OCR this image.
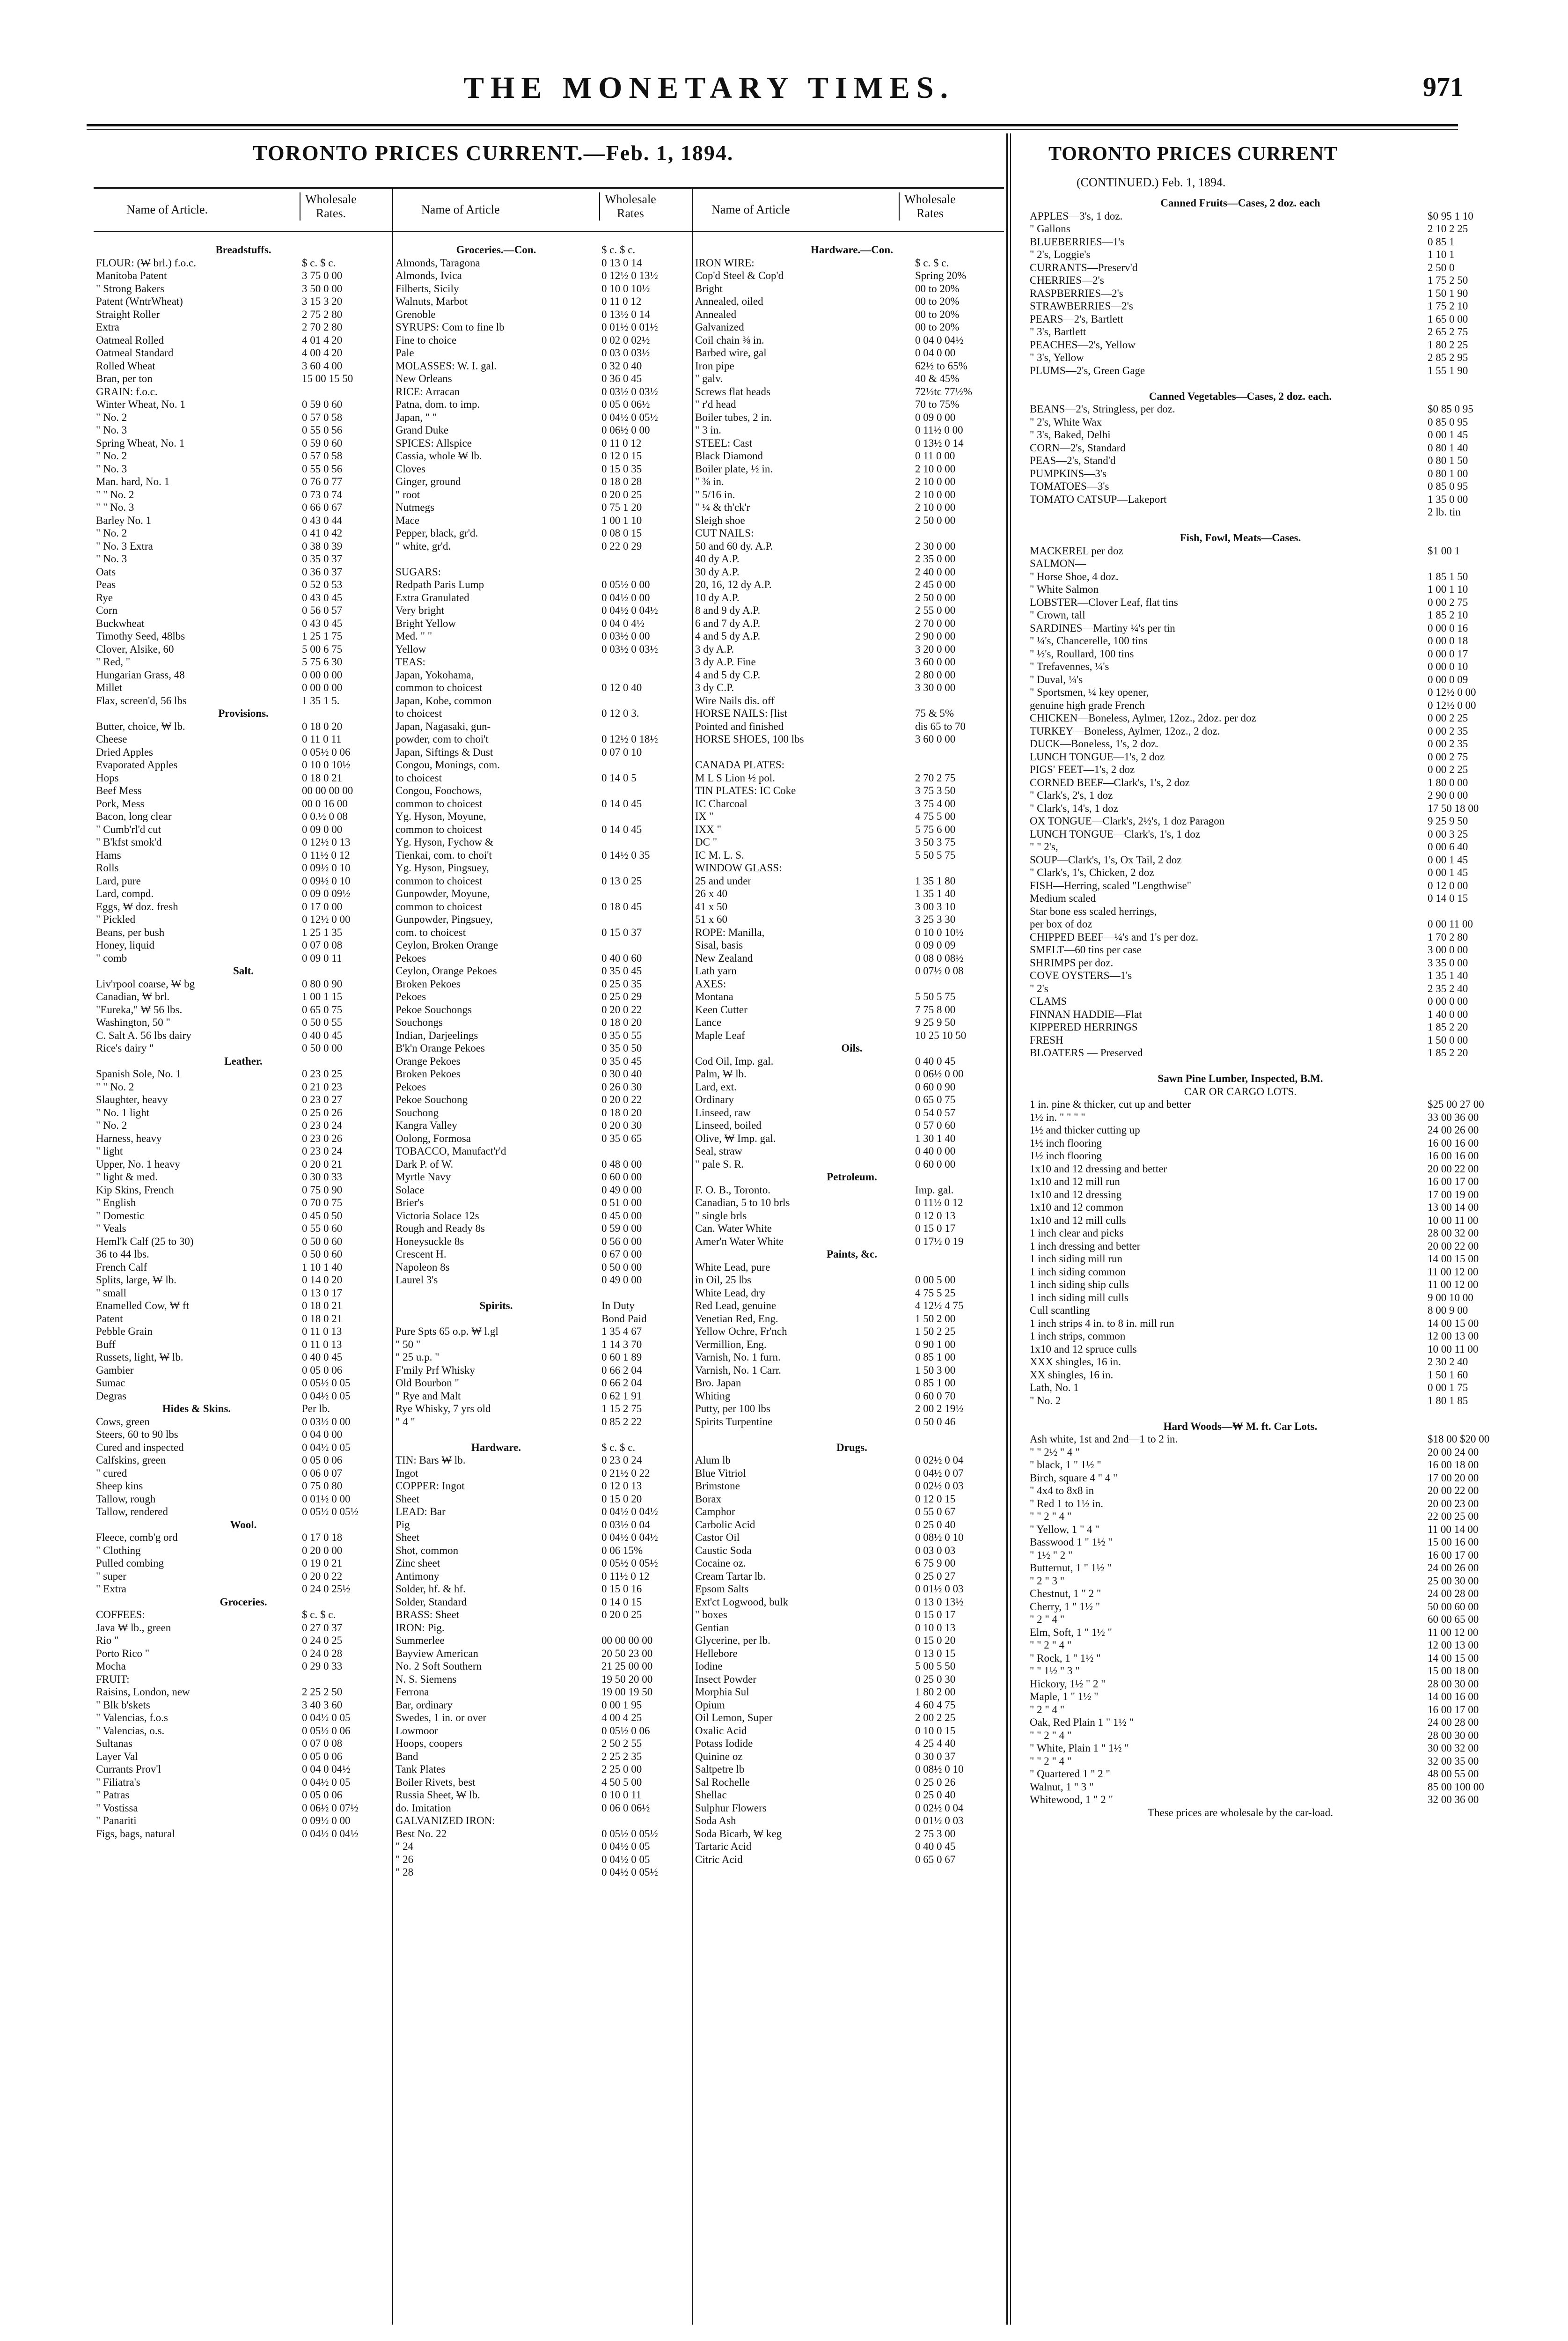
THE MONETARY TIMES.	971
TORONTO PRICES CURRENT.—Feb. 1, 1894.	TORONTO PRICES CURRENT
Name of Article.
Wholesale Rates.	Name of Article
Wholesale Rates	Name of Article
Wholesale Rates
(CONTINUED.) Feb. 1, 1894.
Breadstuffs.
FLOUR: (₩ brl.) f.o.c.	$ c. $ c.
Manitoba Patent	3 75 0 00
" Strong Bakers	3 50 0 00
Patent (WntrWheat)	3 15 3 20
Straight Roller	2 75 2 80
Extra	2 70 2 80
Oatmeal Rolled	4 01 4 20
Oatmeal Standard	4 00 4 20
Rolled Wheat	3 60 4 00
Bran, per ton	15 00 15 50
GRAIN: f.o.c.
Winter Wheat, No. 1	0 59 0 60
" No. 2	0 57 0 58
" No. 3	0 55 0 56
Spring Wheat, No. 1	0 59 0 60
" No. 2	0 57 0 58
" No. 3	0 55 0 56
Man. hard, No. 1	0 76 0 77
" " No. 2	0 73 0 74
" " No. 3	0 66 0 67
Barley No. 1	0 43 0 44
" No. 2	0 41 0 42
" No. 3 Extra	0 38 0 39
" No. 3	0 35 0 37
Oats	0 36 0 37
Peas	0 52 0 53
Rye	0 43 0 45
Corn	0 56 0 57
Buckwheat	0 43 0 45
Timothy Seed, 48lbs	1 25 1 75
Clover, Alsike, 60	5 00 6 75
" Red, "	5 75 6 30
Hungarian Grass, 48	0 00 0 00
Millet	0 00 0 00
Flax, screen'd, 56 lbs	1 35 1 5.
Provisions.
Butter, choice, ₩ lb.	0 18 0 20
Cheese	0 11 0 11
Dried Apples	0 05½ 0 06
Evaporated Apples	0 10 0 10½
Hops	0 18 0 21
Beef Mess	00 00 00 00
Pork, Mess	00 0 16 00
Bacon, long clear	0 0.½ 0 08
" Cumb'rl'd cut	0 09 0 00
" B'kfst smok'd	0 12½ 0 13
Hams	0 11½ 0 12
Rolls	0 09½ 0 10
Lard, pure	0 09½ 0 10
Lard, compd.	0 09 0 09½
Eggs, ₩ doz. fresh	0 17 0 00
" Pickled	0 12½ 0 00
Beans, per bush	1 25 1 35
Honey, liquid	0 07 0 08
" comb	0 09 0 11
Salt.
Liv'rpool coarse, ₩ bg	0 80 0 90
Canadian, ₩ brl.	1 00 1 15
"Eureka," ₩ 56 lbs.	0 65 0 75
Washington, 50 "	0 50 0 55
C. Salt A. 56 lbs dairy	0 40 0 45
Rice's dairy "	0 50 0 00
Leather.
Spanish Sole, No. 1	0 23 0 25
" " No. 2	0 21 0 23
Slaughter, heavy	0 23 0 27
" No. 1 light	0 25 0 26
" No. 2	0 23 0 24
Harness, heavy	0 23 0 26
" light	0 23 0 24
Upper, No. 1 heavy	0 20 0 21
" light & med.	0 30 0 33
Kip Skins, French	0 75 0 90
" English	0 70 0 75
" Domestic	0 45 0 50
" Veals	0 55 0 60
Heml'k Calf (25 to 30)	0 50 0 60
36 to 44 lbs.	0 50 0 60
French Calf	1 10 1 40
Splits, large, ₩ lb.	0 14 0 20
" small	0 13 0 17
Enamelled Cow, ₩ ft	0 18 0 21
Patent	0 18 0 21
Pebble Grain	0 11 0 13
Buff	0 11 0 13
Russets, light, ₩ lb.	0 40 0 45
Gambier	0 05 0 06
Sumac	0 05½ 0 05
Degras	0 04½ 0 05
Hides & Skins.	Per lb.
Cows, green	0 03½ 0 00
Steers, 60 to 90 lbs	0 04 0 00
Cured and inspected	0 04½ 0 05
Calfskins, green	0 05 0 06
" cured	0 06 0 07
Sheep kins	0 75 0 80
Tallow, rough	0 01½ 0 00
Tallow, rendered	0 05½ 0 05½
Wool.
Fleece, comb'g ord	0 17 0 18
" Clothing	0 20 0 00
Pulled combing	0 19 0 21
" super	0 20 0 22
" Extra	0 24 0 25½
Groceries.
COFFEES:	$ c. $ c.
Java ₩ lb., green	0 27 0 37
Rio "	0 24 0 25
Porto Rico "	0 24 0 28
Mocha	0 29 0 33
FRUIT:
Raisins, London, new	2 25 2 50
" Blk b'skets	3 40 3 60
" Valencias, f.o.s	0 04½ 0 05
" Valencias, o.s.	0 05½ 0 06
Sultanas	0 07 0 08
Layer Val	0 05 0 06
Currants Prov'l	0 04 0 04½
" Filiatra's	0 04½ 0 05
" Patras	0 05 0 06
" Vostissa	0 06½ 0 07½
" Panariti	0 09½ 0 00
Figs, bags, natural	0 04½ 0 04½
Groceries.—Con.	$ c. $ c.
Almonds, Taragona	0 13 0 14
Almonds, Ivica	0 12½ 0 13½
Filberts, Sicily	0 10 0 10½
Walnuts, Marbot	0 11 0 12
Grenoble	0 13½ 0 14
SYRUPS: Com to fine lb	0 01½ 0 01½
Fine to choice	0 02 0 02½
Pale	0 03 0 03½
MOLASSES: W. I. gal.	0 32 0 40
New Orleans	0 36 0 45
RICE: Arracan	0 03½ 0 03½
Patna, dom. to imp.	0 05 0 06½
Japan, " "	0 04½ 0 05½
Grand Duke	0 06½ 0 00
SPICES: Allspice	0 11 0 12
Cassia, whole ₩ lb.	0 12 0 15
Cloves	0 15 0 35
Ginger, ground	0 18 0 28
" root	0 20 0 25
Nutmegs	0 75 1 20
Mace	1 00 1 10
Pepper, black, gr'd.	0 08 0 15
" white, gr'd.	0 22 0 29
SUGARS:
Redpath Paris Lump	0 05½ 0 00
Extra Granulated	0 04½ 0 00
Very bright	0 04½ 0 04½
Bright Yellow	0 04 0 4½
Med. " "	0 03½ 0 00
Yellow	0 03½ 0 03½
TEAS:
Japan, Yokohama,
common to choicest	0 12 0 40
Japan, Kobe, common
to choicest	0 12 0 3.
Japan, Nagasaki, gun-
powder, com to choi't	0 12½ 0 18½
Japan, Siftings & Dust	0 07 0 10
Congou, Monings, com.
to choicest	0 14 0 5
Congou, Foochows,
common to choicest	0 14 0 45
Yg. Hyson, Moyune,
common to choicest	0 14 0 45
Yg. Hyson, Fychow &
Tienkai, com. to choi't	0 14½ 0 35
Yg. Hyson, Pingsuey,
common to choicest	0 13 0 25
Gunpowder, Moyune,
common to choicest	0 18 0 45
Gunpowder, Pingsuey,
com. to choicest	0 15 0 37
Ceylon, Broken Orange
Pekoes	0 40 0 60
Ceylon, Orange Pekoes	0 35 0 45
Broken Pekoes	0 25 0 35
Pekoes	0 25 0 29
Pekoe Souchongs	0 20 0 22
Souchongs	0 18 0 20
Indian, Darjeelings	0 35 0 55
B'k'n Orange Pekoes	0 35 0 50
Orange Pekoes	0 35 0 45
Broken Pekoes	0 30 0 40
Pekoes	0 26 0 30
Pekoe Souchong	0 20 0 22
Souchong	0 18 0 20
Kangra Valley	0 20 0 30
Oolong, Formosa	0 35 0 65
TOBACCO, Manufact'r'd
Dark P. of W.	0 48 0 00
Myrtle Navy	0 60 0 00
Solace	0 49 0 00
Brier's	0 51 0 00
Victoria Solace 12s	0 45 0 00
Rough and Ready 8s	0 59 0 00
Honeysuckle 8s	0 56 0 00
Crescent H.	0 67 0 00
Napoleon 8s	0 50 0 00
Laurel 3's	0 49 0 00
Spirits.	In Duty
Bond Paid
Pure Spts 65 o.p. ₩ l.gl	1 35 4 67
" 50 "	1 14 3 70
" 25 u.p. "	0 60 1 89
F'mily Prf Whisky	0 66 2 04
Old Bourbon "	0 66 2 04
" Rye and Malt	0 62 1 91
Rye Whisky, 7 yrs old	1 15 2 75
" 4 "	0 85 2 22
Hardware.	$ c. $ c.
TIN: Bars ₩ lb.	0 23 0 24
Ingot	0 21½ 0 22
COPPER: Ingot	0 12 0 13
Sheet	0 15 0 20
LEAD: Bar	0 04½ 0 04½
Pig	0 03½ 0 04
Sheet	0 04½ 0 04½
Shot, common	0 06 15%
Zinc sheet	0 05½ 0 05½
Antimony	0 11½ 0 12
Solder, hf. & hf.	0 15 0 16
Solder, Standard	0 14 0 15
BRASS: Sheet	0 20 0 25
IRON: Pig.
Summerlee	00 00 00 00
Bayview American	20 50 23 00
No. 2 Soft Southern	21 25 00 00
N. S. Siemens	19 50 20 00
Ferrona	19 00 19 50
Bar, ordinary	0 00 1 95
Swedes, 1 in. or over	4 00 4 25
Lowmoor	0 05½ 0 06
Hoops, coopers	2 50 2 55
Band	2 25 2 35
Tank Plates	2 25 0 00
Boiler Rivets, best	4 50 5 00
Russia Sheet, ₩ lb.	0 10 0 11
do. Imitation	0 06 0 06½
GALVANIZED IRON:
Best No. 22	0 05½ 0 05½
" 24	0 04½ 0 05
" 26	0 04½ 0 05
" 28	0 04½ 0 05½
Hardware.—Con.
IRON WIRE:	$ c. $ c.
Cop'd Steel & Cop'd	Spring 20%
Bright	00 to 20%
Annealed, oiled	00 to 20%
Annealed	00 to 20%
Galvanized	00 to 20%
Coil chain ⅜ in.	0 04 0 04½
Barbed wire, gal	0 04 0 00
Iron pipe	62½ to 65%
" galv.	40 & 45%
Screws flat heads	72½tc 77½%
" r'd head	70 to 75%
Boiler tubes, 2 in.	0 09 0 00
" 3 in.	0 11½ 0 00
STEEL: Cast	0 13½ 0 14
Black Diamond	0 11 0 00
Boiler plate, ½ in.	2 10 0 00
" ⅜ in.	2 10 0 00
" 5/16 in.	2 10 0 00
" ¼ & th'ck'r	2 10 0 00
Sleigh shoe	2 50 0 00
CUT NAILS:
50 and 60 dy. A.P.	2 30 0 00
40 dy A.P.	2 35 0 00
30 dy A.P.	2 40 0 00
20, 16, 12 dy A.P.	2 45 0 00
10 dy A.P.	2 50 0 00
8 and 9 dy A.P.	2 55 0 00
6 and 7 dy A.P.	2 70 0 00
4 and 5 dy A.P.	2 90 0 00
3 dy A.P.	3 20 0 00
3 dy A.P. Fine	3 60 0 00
4 and 5 dy C.P.	2 80 0 00
3 dy C.P.	3 30 0 00
Wire Nails dis. off
HORSE NAILS: [list	75 & 5%
Pointed and finished	dis 65 to 70
HORSE SHOES, 100 lbs	3 60 0 00
CANADA PLATES:
M L S Lion ½ pol.	2 70 2 75
TIN PLATES: IC Coke	3 75 3 50
IC Charcoal	3 75 4 00
IX "	4 75 5 00
IXX "	5 75 6 00
DC "	3 50 3 75
IC M. L. S.	5 50 5 75
WINDOW GLASS:
25 and under	1 35 1 80
26 x 40	1 35 1 40
41 x 50	3 00 3 10
51 x 60	3 25 3 30
ROPE: Manilla,	0 10 0 10½
Sisal, basis	0 09 0 09
New Zealand	0 08 0 08½
Lath yarn	0 07½ 0 08
AXES:
Montana	5 50 5 75
Keen Cutter	7 75 8 00
Lance	9 25 9 50
Maple Leaf	10 25 10 50
Oils.
Cod Oil, Imp. gal.	0 40 0 45
Palm, ₩ lb.	0 06½ 0 00
Lard, ext.	0 60 0 90
Ordinary	0 65 0 75
Linseed, raw	0 54 0 57
Linseed, boiled	0 57 0 60
Olive, ₩ Imp. gal.	1 30 1 40
Seal, straw	0 40 0 00
" pale S. R.	0 60 0 00
Petroleum.
F. O. B., Toronto.	Imp. gal.
Canadian, 5 to 10 brls	0 11½ 0 12
" single brls	0 12 0 13
Can. Water White	0 15 0 17
Amer'n Water White	0 17½ 0 19
Paints, &c.
White Lead, pure
in Oil, 25 lbs	0 00 5 00
White Lead, dry	4 75 5 25
Red Lead, genuine	4 12½ 4 75
Venetian Red, Eng.	1 50 2 00
Yellow Ochre, Fr'nch	1 50 2 25
Vermillion, Eng.	0 90 1 00
Varnish, No. 1 furn.	0 85 1 00
Varnish, No. 1 Carr.	1 50 3 00
Bro. Japan	0 85 1 00
Whiting	0 60 0 70
Putty, per 100 lbs	2 00 2 19½
Spirits Turpentine	0 50 0 46
Drugs.
Alum lb	0 02½ 0 04
Blue Vitriol	0 04½ 0 07
Brimstone	0 02½ 0 03
Borax	0 12 0 15
Camphor	0 55 0 67
Carbolic Acid	0 25 0 40
Castor Oil	0 08½ 0 10
Caustic Soda	0 03 0 03
Cocaine oz.	6 75 9 00
Cream Tartar lb.	0 25 0 27
Epsom Salts	0 01½ 0 03
Ext'ct Logwood, bulk	0 13 0 13½
" boxes	0 15 0 17
Gentian	0 10 0 13
Glycerine, per lb.	0 15 0 20
Hellebore	0 13 0 15
Iodine	5 00 5 50
Insect Powder	0 25 0 30
Morphia Sul	1 80 2 00
Opium	4 60 4 75
Oil Lemon, Super	2 00 2 25
Oxalic Acid	0 10 0 15
Potass Iodide	4 25 4 40
Quinine oz	0 30 0 37
Saltpetre lb	0 08½ 0 10
Sal Rochelle	0 25 0 26
Shellac	0 25 0 40
Sulphur Flowers	0 02½ 0 04
Soda Ash	0 01½ 0 03
Soda Bicarb, ₩ keg	2 75 3 00
Tartaric Acid	0 40 0 45
Citric Acid	0 65 0 67
Canned Fruits—Cases, 2 doz. each
APPLES—3's, 1 doz.	$0 95 1 10
" Gallons	2 10 2 25
BLUEBERRIES—1's	0 85 1
" 2's, Loggie's	1 10 1
CURRANTS—Preserv'd	2 50 0
CHERRIES—2's	1 75 2 50
RASPBERRIES—2's	1 50 1 90
STRAWBERRIES—2's	1 75 2 10
PEARS—2's, Bartlett	1 65 0 00
" 3's, Bartlett	2 65 2 75
PEACHES—2's, Yellow	1 80 2 25
" 3's, Yellow	2 85 2 95
PLUMS—2's, Green Gage	1 55 1 90
Canned Vegetables—Cases, 2 doz. each.
BEANS—2's, Stringless, per doz.	$0 85 0 95
" 2's, White Wax	0 85 0 95
" 3's, Baked, Delhi	0 00 1 45
CORN—2's, Standard	0 80 1 40
PEAS—2's, Stand'd	0 80 1 50
PUMPKINS—3's	0 80 1 00
TOMATOES—3's	0 85 0 95
TOMATO CATSUP—Lakeport	1 35 0 00
2 lb. tin
Fish, Fowl, Meats—Cases.
MACKEREL per doz	$1 00 1
SALMON—
" Horse Shoe, 4 doz.	1 85 1 50
" White Salmon	1 00 1 10
LOBSTER—Clover Leaf, flat tins	0 00 2 75
" Crown, tall	1 85 2 10
SARDINES—Martiny ¼'s per tin	0 00 0 16
" ¼'s, Chancerelle, 100 tins	0 00 0 18
" ½'s, Roullard, 100 tins	0 00 0 17
" Trefavennes, ¼'s	0 00 0 10
" Duval, ¼'s	0 00 0 09
" Sportsmen, ¼ key opener,	0 12½ 0 00
genuine high grade French	0 12½ 0 00
CHICKEN—Boneless, Aylmer, 12oz., 2doz. per doz	0 00 2 25
TURKEY—Boneless, Aylmer, 12oz., 2 doz.	0 00 2 35
DUCK—Boneless, 1's, 2 doz.	0 00 2 35
LUNCH TONGUE—1's, 2 doz	0 00 2 75
PIGS' FEET—1's, 2 doz	0 00 2 25
CORNED BEEF—Clark's, 1's, 2 doz	1 80 0 00
" Clark's, 2's, 1 doz	2 90 0 00
" Clark's, 14's, 1 doz	17 50 18 00
OX TONGUE—Clark's, 2½'s, 1 doz Paragon	9 25 9 50
LUNCH TONGUE—Clark's, 1's, 1 doz	0 00 3 25
" " 2's,	0 00 6 40
SOUP—Clark's, 1's, Ox Tail, 2 doz	0 00 1 45
" Clark's, 1's, Chicken, 2 doz	0 00 1 45
FISH—Herring, scaled "Lengthwise"	0 12 0 00
Medium scaled	0 14 0 15
Star bone ess scaled herrings,
per box of doz	0 00 11 00
CHIPPED BEEF—¼'s and 1's per doz.	1 70 2 80
SMELT—60 tins per case	3 00 0 00
SHRIMPS per doz.	3 35 0 00
COVE OYSTERS—1's	1 35 1 40
" 2's	2 35 2 40
CLAMS	0 00 0 00
FINNAN HADDIE—Flat	1 40 0 00
KIPPERED HERRINGS	1 85 2 20
FRESH	1 50 0 00
BLOATERS — Preserved	1 85 2 20
Sawn Pine Lumber, Inspected, B.M.
CAR OR CARGO LOTS.
1 in. pine & thicker, cut up and better	$25 00 27 00
1½ in. " " " "	33 00 36 00
1½ and thicker cutting up	24 00 26 00
1½ inch flooring	16 00 16 00
1½ inch flooring	16 00 16 00
1x10 and 12 dressing and better	20 00 22 00
1x10 and 12 mill run	16 00 17 00
1x10 and 12 dressing	17 00 19 00
1x10 and 12 common	13 00 14 00
1x10 and 12 mill culls	10 00 11 00
1 inch clear and picks	28 00 32 00
1 inch dressing and better	20 00 22 00
1 inch siding mill run	14 00 15 00
1 inch siding common	11 00 12 00
1 inch siding ship culls	11 00 12 00
1 inch siding mill culls	9 00 10 00
Cull scantling	8 00 9 00
1 inch strips 4 in. to 8 in. mill run	14 00 15 00
1 inch strips, common	12 00 13 00
1x10 and 12 spruce culls	10 00 11 00
XXX shingles, 16 in.	2 30 2 40
XX shingles, 16 in.	1 50 1 60
Lath, No. 1	0 00 1 75
" No. 2	1 80 1 85
Hard Woods—₩ M. ft. Car Lots.
Ash white, 1st and 2nd—1 to 2 in.	$18 00 $20 00
" " 2½ " 4 "	20 00 24 00
" black, 1 " 1½ "	16 00 18 00
Birch, square 4 " 4 "	17 00 20 00
" 4x4 to 8x8 in	20 00 22 00
" Red 1 to 1½ in.	20 00 23 00
" " 2 " 4 "	22 00 25 00
" Yellow, 1 " 4 "	11 00 14 00
Basswood 1 " 1½ "	15 00 16 00
" 1½ " 2 "	16 00 17 00
Butternut, 1 " 1½ "	24 00 26 00
" 2 " 3 "	25 00 30 00
Chestnut, 1 " 2 "	24 00 28 00
Cherry, 1 " 1½ "	50 00 60 00
" 2 " 4 "	60 00 65 00
Elm, Soft, 1 " 1½ "	11 00 12 00
" " 2 " 4 "	12 00 13 00
" Rock, 1 " 1½ "	14 00 15 00
" " 1½ " 3 "	15 00 18 00
Hickory, 1½ " 2 "	28 00 30 00
Maple, 1 " 1½ "	14 00 16 00
" 2 " 4 "	16 00 17 00
Oak, Red Plain 1 " 1½ "	24 00 28 00
" " 2 " 4 "	28 00 30 00
" White, Plain 1 " 1½ "	30 00 32 00
" " 2 " 4 "	32 00 35 00
" Quartered 1 " 2 "	48 00 55 00
Walnut, 1 " 3 "	85 00 100 00
Whitewood, 1 " 2 "	32 00 36 00
These prices are wholesale by the car-load.
